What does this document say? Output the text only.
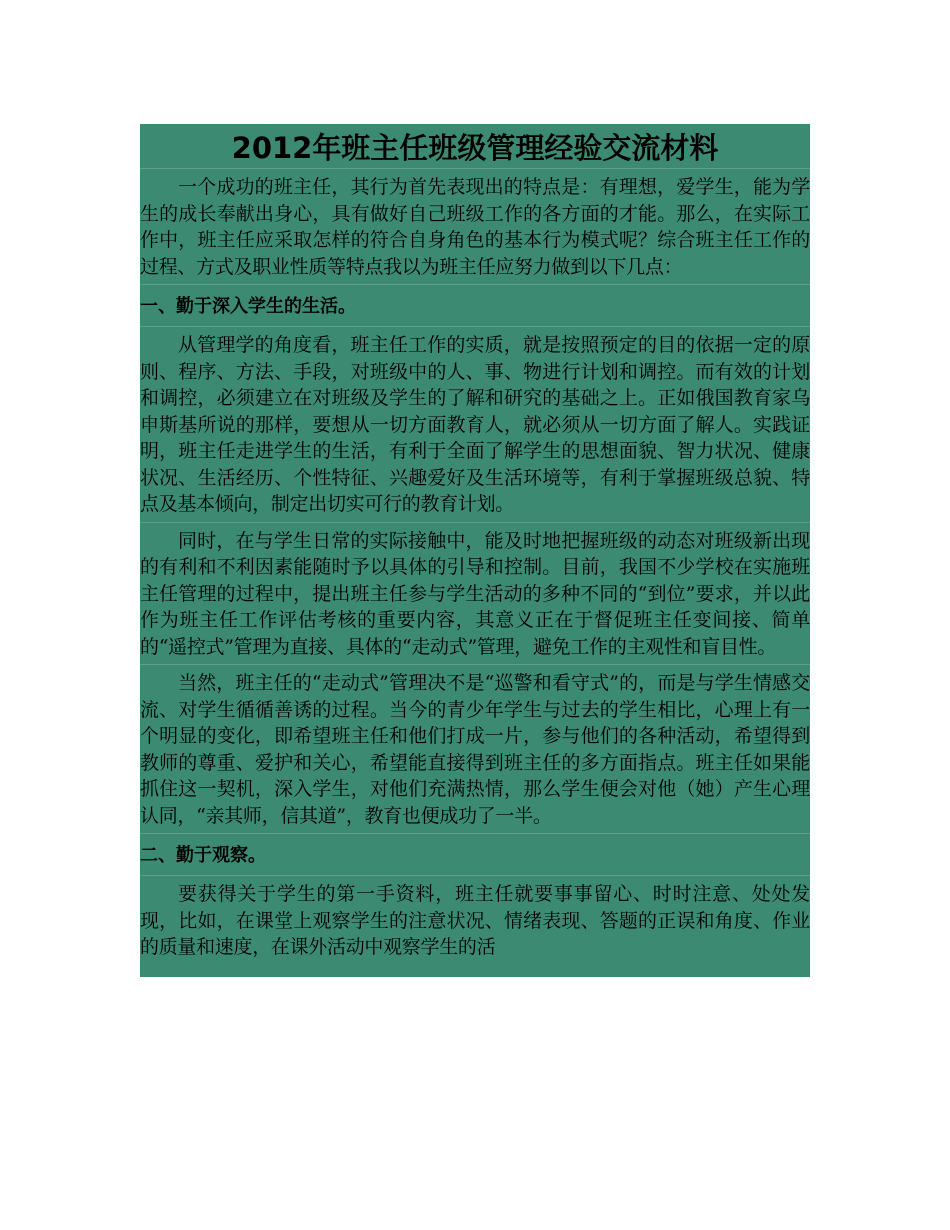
2012年班主任班级管理经验交流材料
一个成功的班主任，其行为首先表现出的特点是：有理想，爱学生，能为学生的成长奉献出身心，具有做好自己班级工作的各方面的才能。那么，在实际工作中，班主任应采取怎样的符合自身角色的基本行为模式呢？综合班主任工作的过程、方式及职业性质等特点我以为班主任应努力做到以下几点：
一、勤于深入学生的生活。
从管理学的角度看，班主任工作的实质，就是按照预定的目的依据一定的原则、程序、方法、手段，对班级中的人、事、物进行计划和调控。而有效的计划和调控，必须建立在对班级及学生的了解和研究的基础之上。正如俄国教育家乌申斯基所说的那样，要想从一切方面教育人，就必须从一切方面了解人。实践证明，班主任走进学生的生活，有利于全面了解学生的思想面貌、智力状况、健康状况、生活经历、个性特征、兴趣爱好及生活环境等，有利于掌握班级总貌、特点及基本倾向，制定出切实可行的教育计划。
同时，在与学生日常的实际接触中，能及时地把握班级的动态对班级新出现的有利和不利因素能随时予以具体的引导和控制。目前，我国不少学校在实施班主任管理的过程中，提出班主任参与学生活动的多种不同的“到位”要求，并以此作为班主任工作评估考核的重要内容，其意义正在于督促班主任变间接、简单的“遥控式”管理为直接、具体的“走动式”管理，避免工作的主观性和盲目性。
当然，班主任的“走动式”管理决不是“巡警和看守式”的，而是与学生情感交流、对学生循循善诱的过程。当今的青少年学生与过去的学生相比，心理上有一个明显的变化，即希望班主任和他们打成一片，参与他们的各种活动，希望得到教师的尊重、爱护和关心，希望能直接得到班主任的多方面指点。班主任如果能抓住这一契机，深入学生，对他们充满热情，那么学生便会对他（她）产生心理认同，“亲其师，信其道”，教育也便成功了一半。
二、勤于观察。
要获得关于学生的第一手资料，班主任就要事事留心、时时注意、处处发现，比如，在课堂上观察学生的注意状况、情绪表现、答题的正误和角度、作业的质量和速度，在课外活动中观察学生的活
